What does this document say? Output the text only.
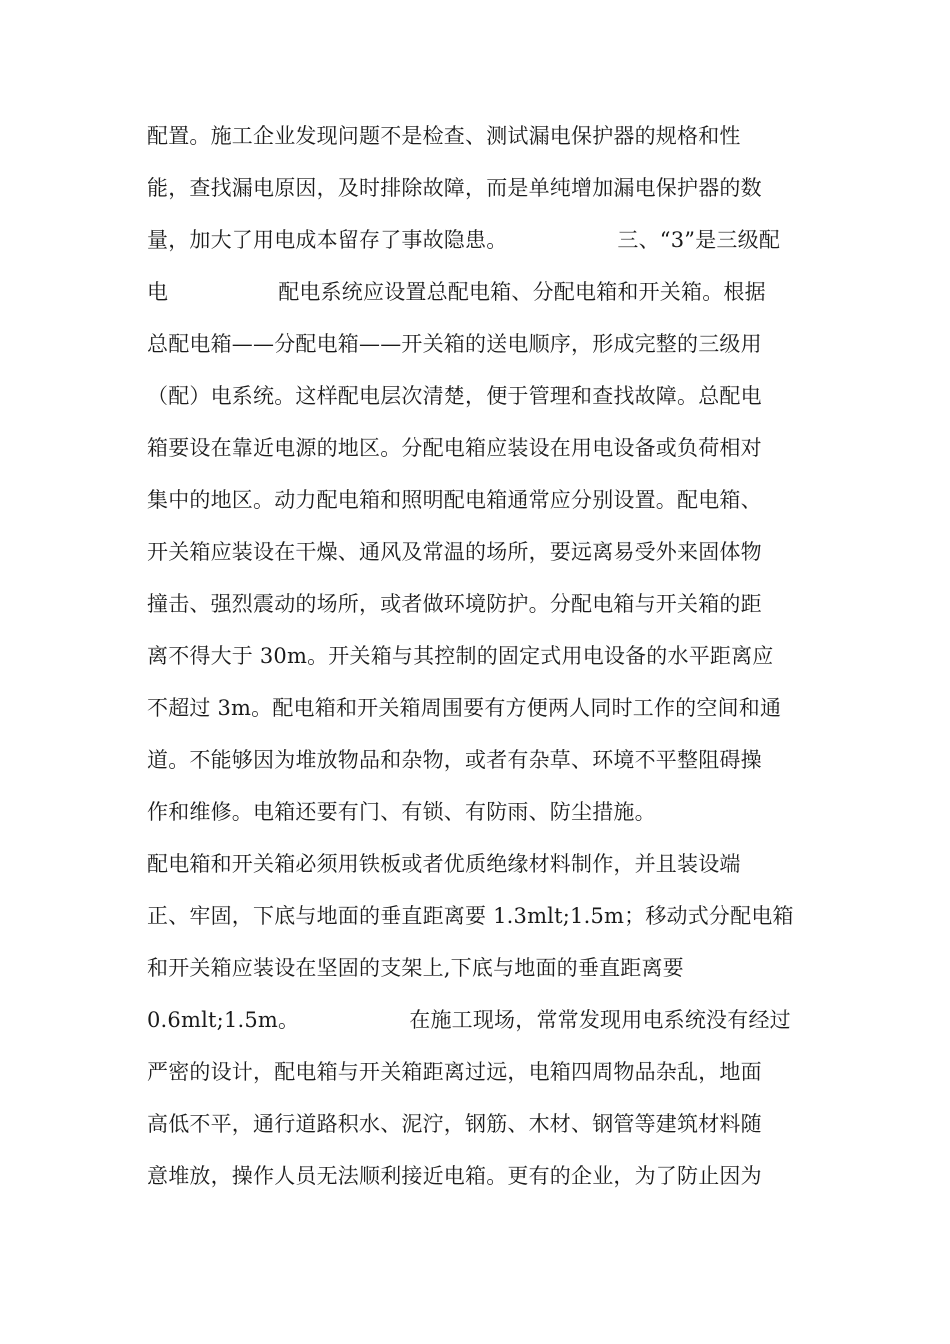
配置。施工企业发现问题不是检查、测试漏电保护器的规格和性
能，查找漏电原因，及时排除故障，而是单纯增加漏电保护器的数
量，加大了用电成本留存了事故隐患。                三、“3”是三级配
电                配电系统应设置总配电箱、分配电箱和开关箱。根据
总配电箱——分配电箱——开关箱的送电顺序，形成完整的三级用
（配）电系统。这样配电层次清楚，便于管理和查找故障。总配电
箱要设在靠近电源的地区。分配电箱应装设在用电设备或负荷相对
集中的地区。动力配电箱和照明配电箱通常应分别设置。配电箱、
开关箱应装设在干燥、通风及常温的场所，要远离易受外来固体物
撞击、强烈震动的场所，或者做环境防护。分配电箱与开关箱的距
离不得大于 30m。开关箱与其控制的固定式用电设备的水平距离应
不超过 3m。配电箱和开关箱周围要有方便两人同时工作的空间和通
道。不能够因为堆放物品和杂物，或者有杂草、环境不平整阻碍操
作和维修。电箱还要有门、有锁、有防雨、防尘措施。
配电箱和开关箱必须用铁板或者优质绝缘材料制作，并且装设端
正、牢固，下底与地面的垂直距离要 1.3mlt;1.5m；移动式分配电箱
和开关箱应装设在坚固的支架上,下底与地面的垂直距离要
0.6mlt;1.5m。                在施工现场，常常发现用电系统没有经过
严密的设计，配电箱与开关箱距离过远，电箱四周物品杂乱，地面
高低不平，通行道路积水、泥泞，钢筋、木材、钢管等建筑材料随
意堆放，操作人员无法顺利接近电箱。更有的企业，为了防止因为
